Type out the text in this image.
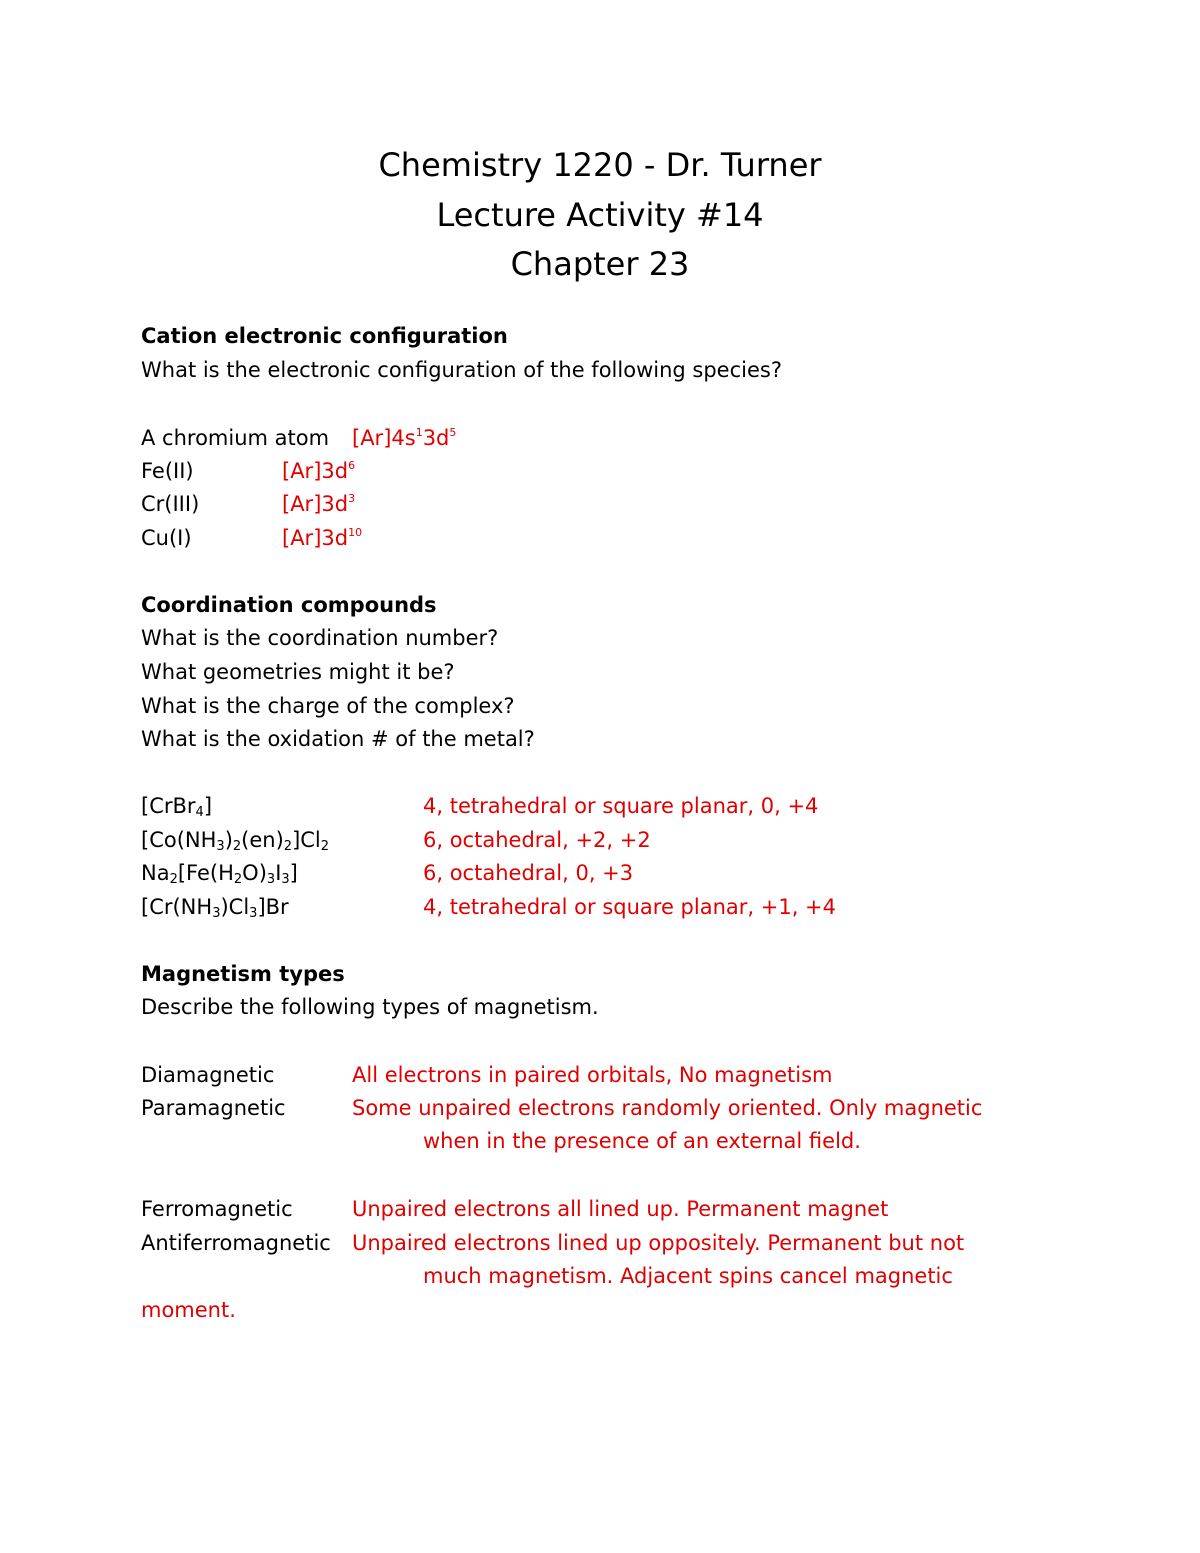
Chemistry 1220 - Dr. Turner
Lecture Activity #14
Chapter 23
Cation electronic configuration
What is the electronic configuration of the following species?
A chromium atom $[Ar]4s^13d^5$
Fe(II)	$[Ar]3d^6$
Cr(III)	$[Ar]3d^3$
Cu(I)	$[Ar]3d^{10}$
Coordination compounds
What is the coordination number?
What geometries might it be?
What is the charge of the complex?
What is the oxidation # of the metal?
[CrBr$_4$]	4, tetrahedral or square planar, 0, +4
$[Co(NH_3)_2(en)_2]Cl_2$	6, octahedral, +2, +2
$Na_2[Fe(H_2O)_3I_3]$	6, octahedral, 0, +3
$[Cr(NH_3)Cl_3]Br$	4, tetrahedral or square planar, +1, +4
Magnetism types
Describe the following types of magnetism.
Diamagnetic	All electrons in paired orbitals, No magnetism
Paramagnetic	Some unpaired electrons randomly oriented. Only magnetic
when in the presence of an external field.
Ferromagnetic	Unpaired electrons all lined up. Permanent magnet
Antiferromagnetic Unpaired electrons lined up oppositely. Permanent but not
much magnetism. Adjacent spins cancel magnetic
moment.
